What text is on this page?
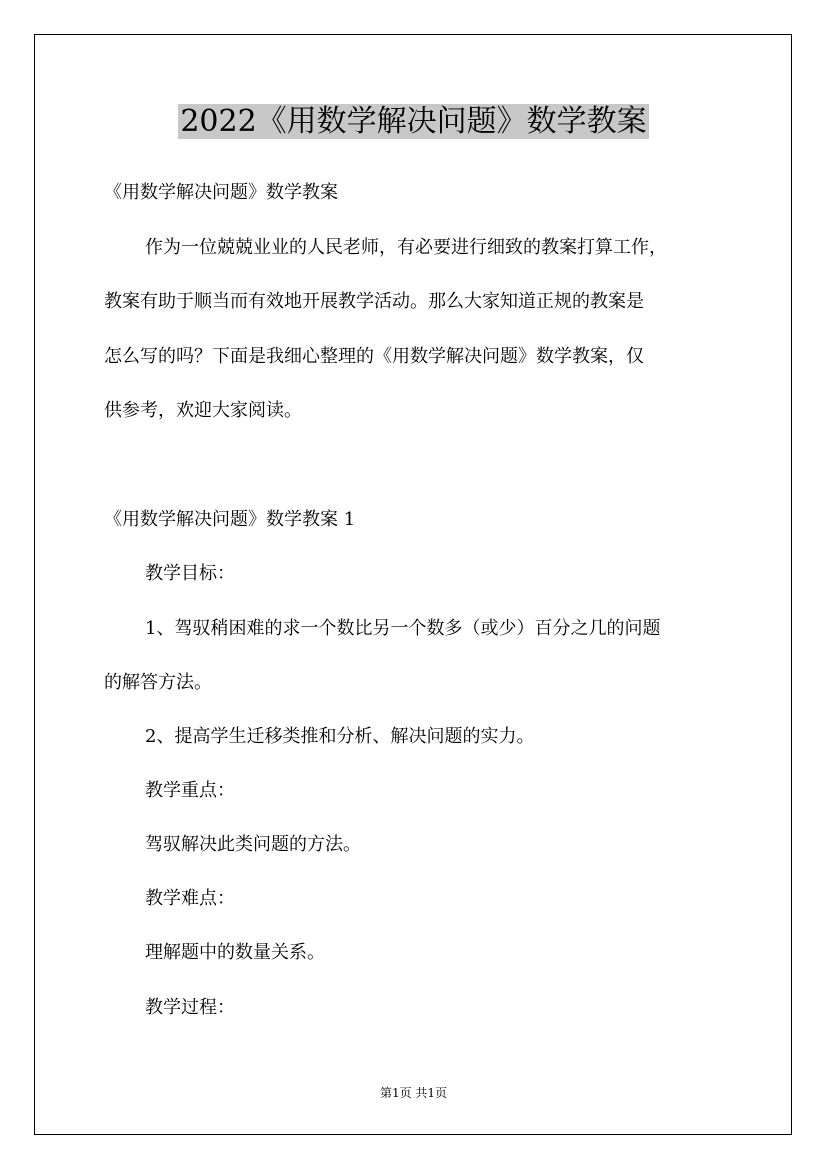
2022《用数学解决问题》数学教案

《用数学解决问题》数学教案

作为一位兢兢业业的人民老师，有必要进行细致的教案打算工作，

教案有助于顺当而有效地开展教学活动。那么大家知道正规的教案是

怎么写的吗？下面是我细心整理的《用数学解决问题》数学教案，仅

供参考，欢迎大家阅读。

《用数学解决问题》数学教案 1

教学目标：

1、驾驭稍困难的求一个数比另一个数多（或少）百分之几的问题

的解答方法。

2、提高学生迁移类推和分析、解决问题的实力。

教学重点：

驾驭解决此类问题的方法。

教学难点：

理解题中的数量关系。

教学过程：

第1页 共1页
